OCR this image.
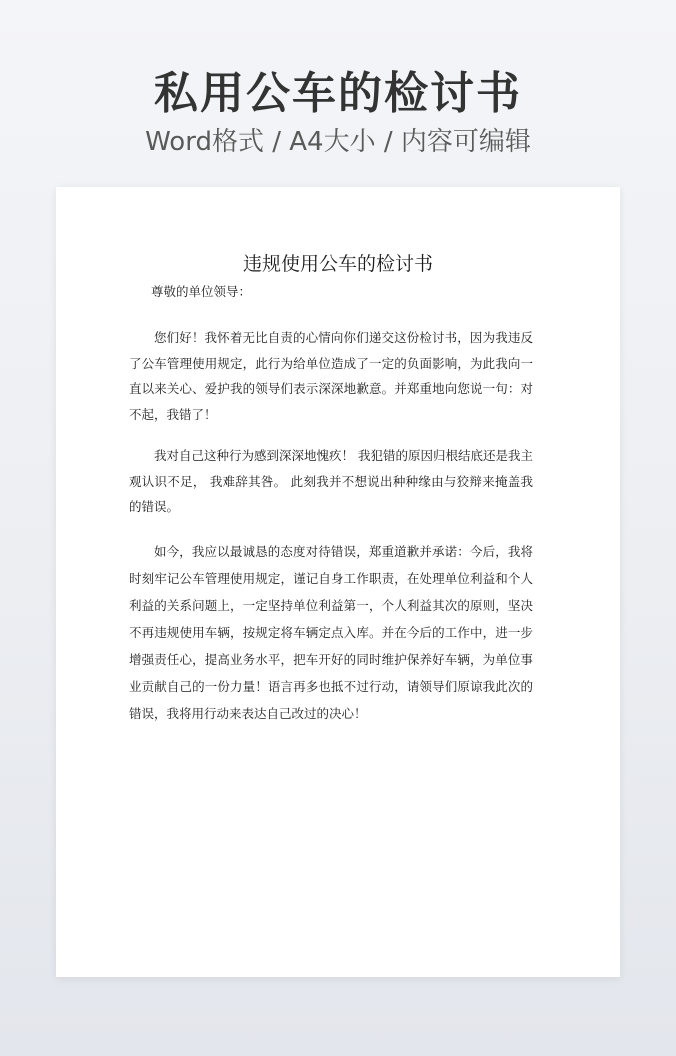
私用公车的检讨书
Word格式 / A4大小 / 内容可编辑
违规使用公车的检讨书
尊敬的单位领导：

您们好！我怀着无比自责的心情向你们递交这份检讨书，因为我违反了公车管理使用规定，此行为给单位造成了一定的负面影响，为此我向一直以来关心、爱护我的领导们表示深深地歉意。并郑重地向您说一句：对不起，我错了！

我对自己这种行为感到深深地愧疚！ 我犯错的原因归根结底还是我主观认识不足， 我难辞其咎。 此刻我并不想说出种种缘由与狡辩来掩盖我的错误。

如今，我应以最诚恳的态度对待错误，郑重道歉并承诺：今后，我将时刻牢记公车管理使用规定，谨记自身工作职责，在处理单位利益和个人利益的关系问题上，一定坚持单位利益第一，个人利益其次的原则，坚决不再违规使用车辆，按规定将车辆定点入库。并在今后的工作中，进一步增强责任心，提高业务水平，把车开好的同时维护保养好车辆，为单位事业贡献自己的一份力量！语言再多也抵不过行动，请领导们原谅我此次的错误，我将用行动来表达自己改过的决心！
